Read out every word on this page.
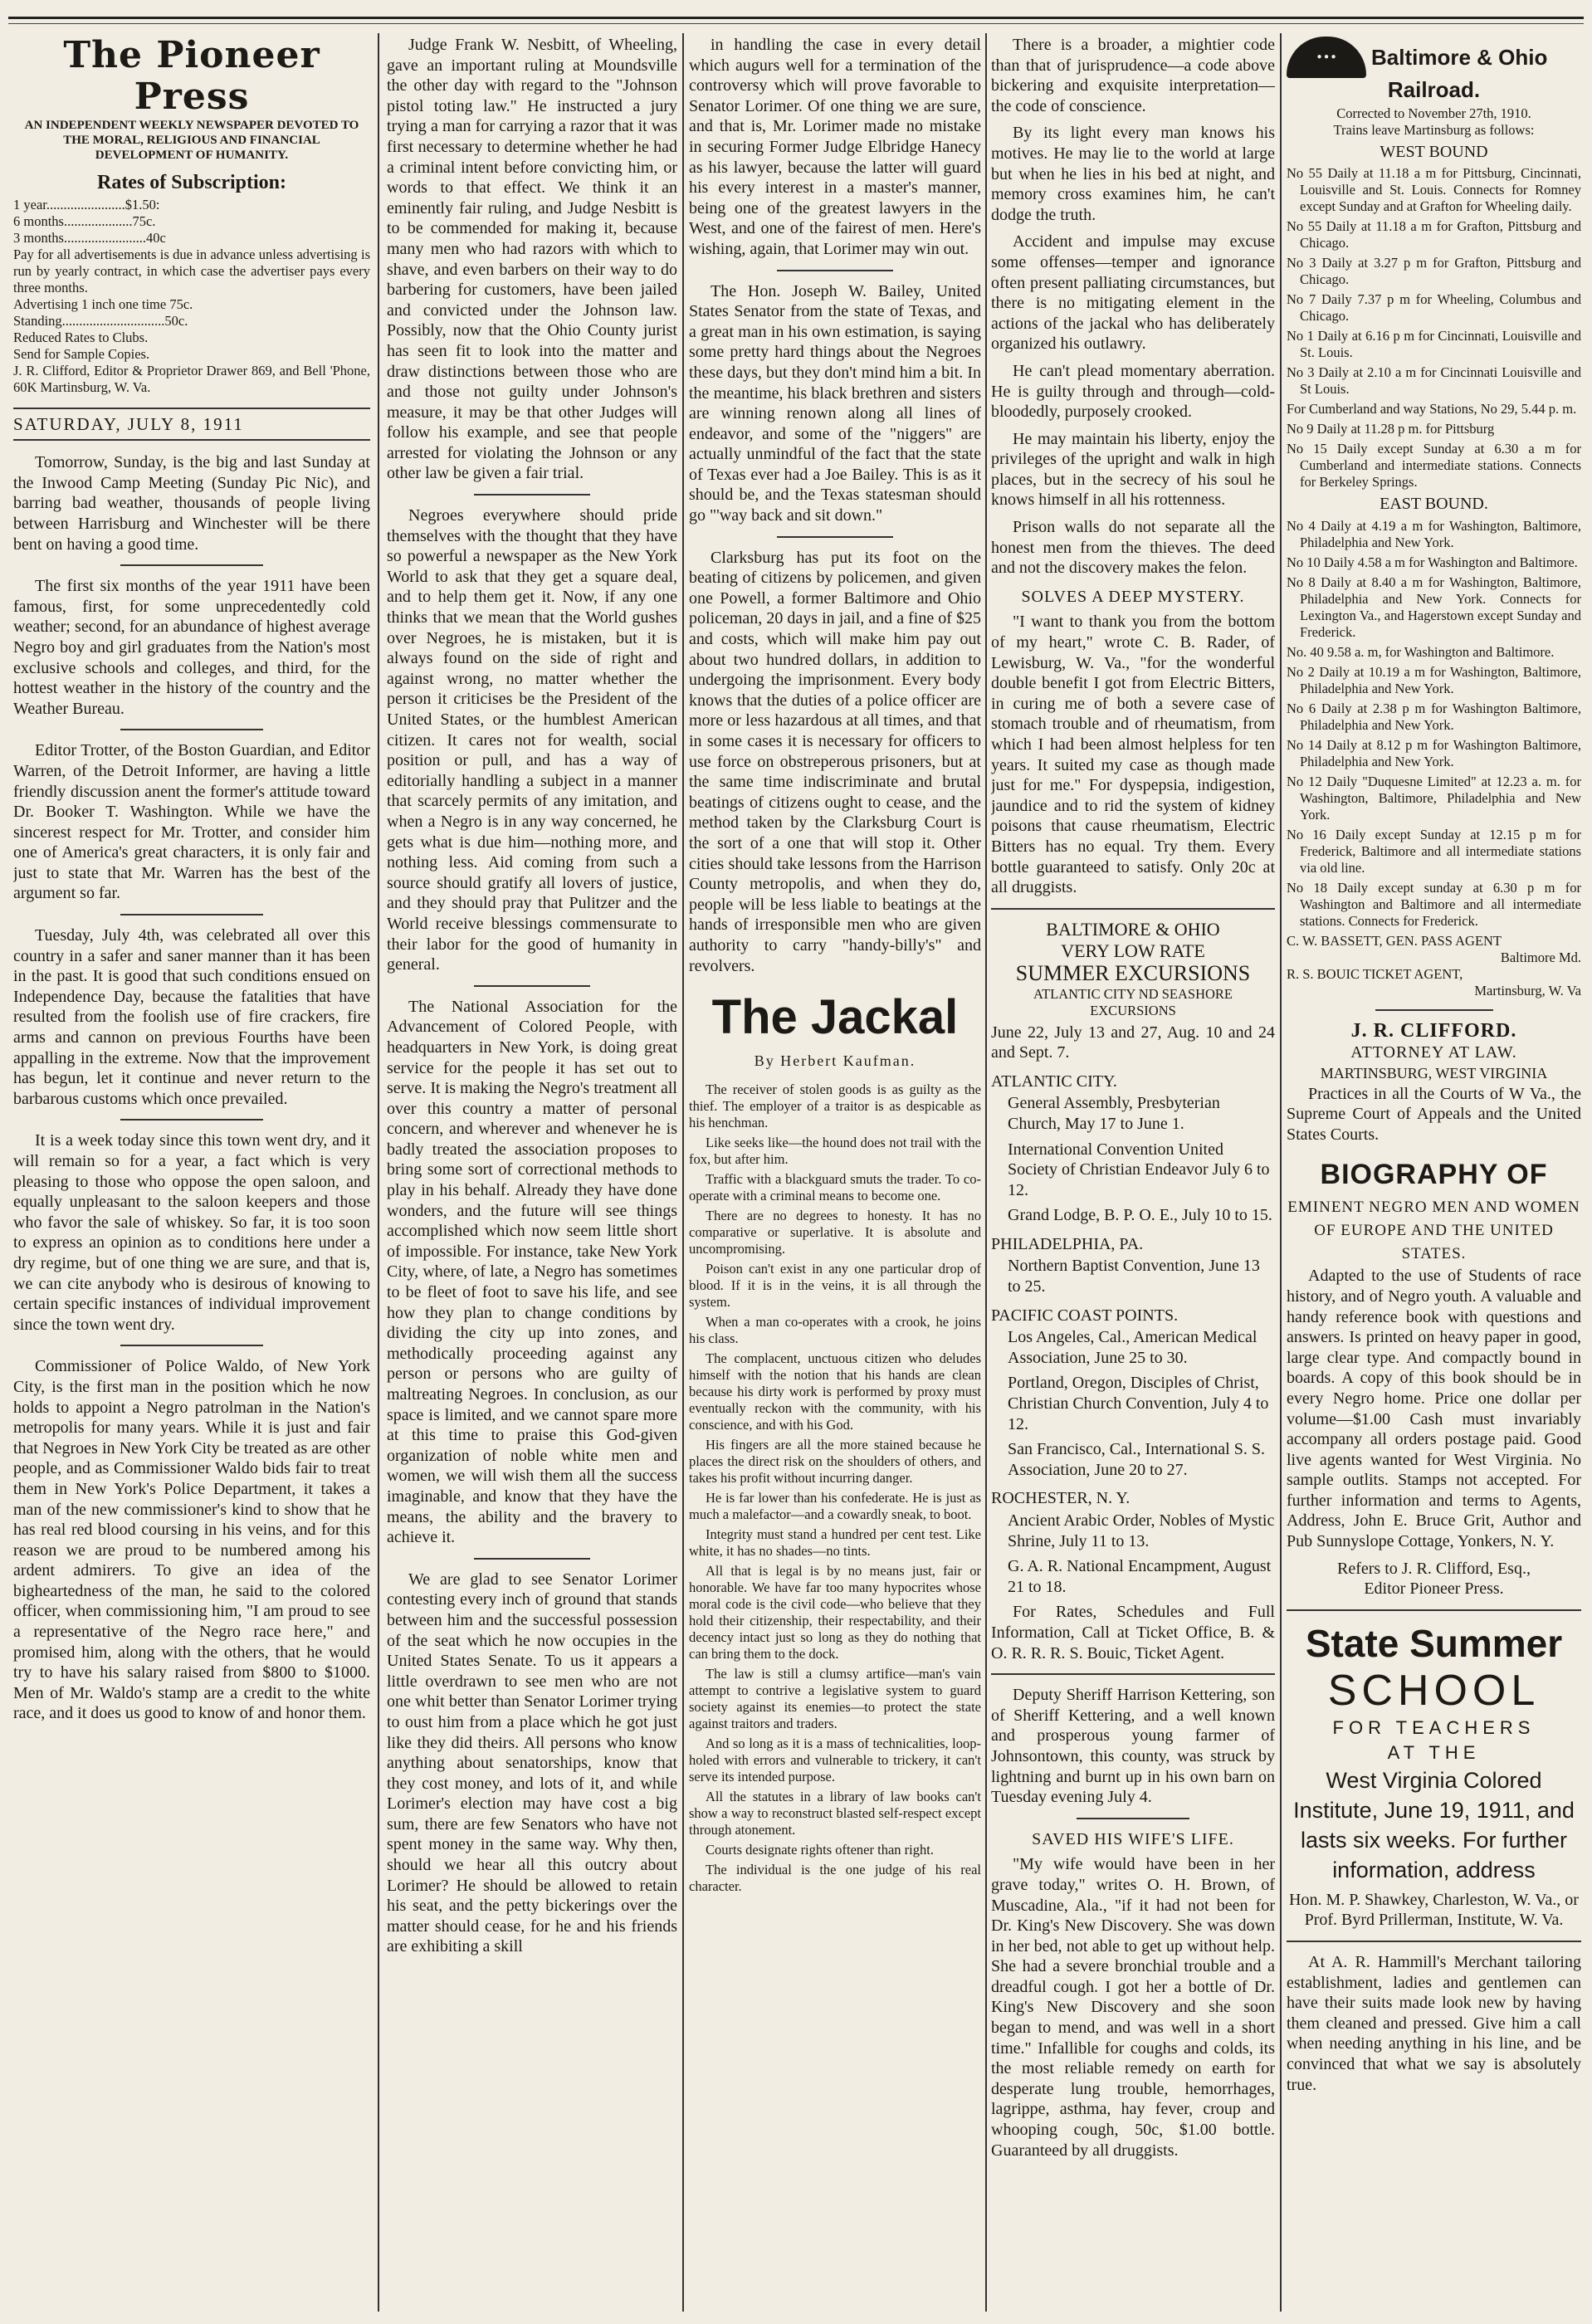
The Pioneer Press
AN INDEPENDENT WEEKLY NEWSPAPER DEVOTED TO THE MORAL, RELIGIOUS AND FINANCIAL DEVELOPMENT OF HUMANITY.
Rates of Subscription:
1 year.......................$1.50:
6 months....................75c.
3 months........................40c
Pay for all advertisements is due in advance unless advertising is run by yearly contract, in which case the advertiser pays every three months.
Advertising 1 inch one time 75c.
Standing..............................50c.
Reduced Rates to Clubs.
Send for Sample Copies.
J. R. Clifford, Editor & Proprietor Drawer 869, and Bell 'Phone, 60K Martinsburg, W. Va.
SATURDAY, JULY 8, 1911

Tomorrow, Sunday, is the big and last Sunday at the Inwood Camp Meeting (Sunday Pic Nic), and barring bad weather, thousands of people living between Harrisburg and Winchester will be there bent on having a good time.

The first six months of the year 1911 have been famous, first, for some unprecedentedly cold weather; second, for an abundance of highest average Negro boy and girl graduates from the Nation's most exclusive schools and colleges, and third, for the hottest weather in the history of the country and the Weather Bureau.

Editor Trotter, of the Boston Guardian, and Editor Warren, of the Detroit Informer, are having a little friendly discussion anent the former's attitude toward Dr. Booker T. Washington. While we have the sincerest respect for Mr. Trotter, and consider him one of America's great characters, it is only fair and just to state that Mr. Warren has the best of the argument so far.

Tuesday, July 4th, was celebrated all over this country in a safer and saner manner than it has been in the past. It is good that such conditions ensued on Independence Day, because the fatalities that have resulted from the foolish use of fire crackers, fire arms and cannon on previous Fourths have been appalling in the extreme. Now that the improvement has begun, let it continue and never return to the barbarous customs which once prevailed.

It is a week today since this town went dry, and it will remain so for a year, a fact which is very pleasing to those who oppose the open saloon, and equally unpleasant to the saloon keepers and those who favor the sale of whiskey. So far, it is too soon to express an opinion as to conditions here under a dry regime, but of one thing we are sure, and that is, we can cite anybody who is desirous of knowing to certain specific instances of individual improvement since the town went dry.

Commissioner of Police Waldo, of New York City, is the first man in the position which he now holds to appoint a Negro patrolman in the Nation's metropolis for many years. While it is just and fair that Negroes in New York City be treated as are other people, and as Commissioner Waldo bids fair to treat them in New York's Police Department, it takes a man of the new commissioner's kind to show that he has real red blood coursing in his veins, and for this reason we are proud to be numbered among his ardent admirers. To give an idea of the bigheartedness of the man, he said to the colored officer, when commissioning him, "I am proud to see a representative of the Negro race here," and promised him, along with the others, that he would try to have his salary raised from $800 to $1000. Men of Mr. Waldo's stamp are a credit to the white race, and it does us good to know of and honor them.

Judge Frank W. Nesbitt, of Wheeling, gave an important ruling at Moundsville the other day with regard to the "Johnson pistol toting law." He instructed a jury trying a man for carrying a razor that it was first necessary to determine whether he had a criminal intent before convicting him, or words to that effect. We think it an eminently fair ruling, and Judge Nesbitt is to be commended for making it, because many men who had razors with which to shave, and even barbers on their way to do barbering for customers, have been jailed and convicted under the Johnson law. Possibly, now that the Ohio County jurist has seen fit to look into the matter and draw distinctions between those who are and those not guilty under Johnson's measure, it may be that other Judges will follow his example, and see that people arrested for violating the Johnson or any other law be given a fair trial.

Negroes everywhere should pride themselves with the thought that they have so powerful a newspaper as the New York World to ask that they get a square deal, and to help them get it. Now, if any one thinks that we mean that the World gushes over Negroes, he is mistaken, but it is always found on the side of right and against wrong, no matter whether the person it criticises be the President of the United States, or the humblest American citizen. It cares not for wealth, social position or pull, and has a way of editorially handling a subject in a manner that scarcely permits of any imitation, and when a Negro is in any way concerned, he gets what is due him—nothing more, and nothing less. Aid coming from such a source should gratify all lovers of justice, and they should pray that Pulitzer and the World receive blessings commensurate to their labor for the good of humanity in general.

The National Association for the Advancement of Colored People, with headquarters in New York, is doing great service for the people it has set out to serve. It is making the Negro's treatment all over this country a matter of personal concern, and wherever and whenever he is badly treated the association proposes to bring some sort of correctional methods to play in his behalf. Already they have done wonders, and the future will see things accomplished which now seem little short of impossible. For instance, take New York City, where, of late, a Negro has sometimes to be fleet of foot to save his life, and see how they plan to change conditions by dividing the city up into zones, and methodically proceeding against any person or persons who are guilty of maltreating Negroes. In conclusion, as our space is limited, and we cannot spare more at this time to praise this God-given organization of noble white men and women, we will wish them all the success imaginable, and know that they have the means, the ability and the bravery to achieve it.

We are glad to see Senator Lorimer contesting every inch of ground that stands between him and the successful possession of the seat which he now occupies in the United States Senate. To us it appears a little overdrawn to see men who are not one whit better than Senator Lorimer trying to oust him from a place which he got just like they did theirs. All persons who know anything about senatorships, know that they cost money, and lots of it, and while Lorimer's election may have cost a big sum, there are few Senators who have not spent money in the same way. Why then, should we hear all this outcry about Lorimer? He should be allowed to retain his seat, and the petty bickerings over the matter should cease, for he and his friends are exhibiting a skill

in handling the case in every detail which augurs well for a termination of the controversy which will prove favorable to Senator Lorimer. Of one thing we are sure, and that is, Mr. Lorimer made no mistake in securing Former Judge Elbridge Hanecy as his lawyer, because the latter will guard his every interest in a master's manner, being one of the greatest lawyers in the West, and one of the fairest of men. Here's wishing, again, that Lorimer may win out.

The Hon. Joseph W. Bailey, United States Senator from the state of Texas, and a great man in his own estimation, is saying some pretty hard things about the Negroes these days, but they don't mind him a bit. In the meantime, his black brethren and sisters are winning renown along all lines of endeavor, and some of the "niggers" are actually unmindful of the fact that the state of Texas ever had a Joe Bailey. This is as it should be, and the Texas statesman should go "'way back and sit down."

Clarksburg has put its foot on the beating of citizens by policemen, and given one Powell, a former Baltimore and Ohio policeman, 20 days in jail, and a fine of $25 and costs, which will make him pay out about two hundred dollars, in addition to undergoing the imprisonment. Every body knows that the duties of a police officer are more or less hazardous at all times, and that in some cases it is necessary for officers to use force on obstreperous prisoners, but at the same time indiscriminate and brutal beatings of citizens ought to cease, and the method taken by the Clarksburg Court is the sort of a one that will stop it. Other cities should take lessons from the Harrison County metropolis, and when they do, people will be less liable to beatings at the hands of irresponsible men who are given authority to carry "handy-billy's" and revolvers.

The Jackal
By Herbert Kaufman.

The receiver of stolen goods is as guilty as the thief. The employer of a traitor is as despicable as his henchman.

Like seeks like—the hound does not trail with the fox, but after him.

Traffic with a blackguard smuts the trader. To co-operate with a criminal means to become one.

There are no degrees to honesty. It has no comparative or superlative. It is absolute and uncompromising.

Poison can't exist in any one particular drop of blood. If it is in the veins, it is all through the system.

When a man co-operates with a crook, he joins his class.

The complacent, unctuous citizen who deludes himself with the notion that his hands are clean because his dirty work is performed by proxy must eventually reckon with the community, with his conscience, and with his God.

His fingers are all the more stained because he places the direct risk on the shoulders of others, and takes his profit without incurring danger.

He is far lower than his confederate. He is just as much a malefactor—and a cowardly sneak, to boot.

Integrity must stand a hundred per cent test. Like white, it has no shades—no tints.

All that is legal is by no means just, fair or honorable. We have far too many hypocrites whose moral code is the civil code—who believe that they hold their citizenship, their respectability, and their decency intact just so long as they do nothing that can bring them to the dock.

The law is still a clumsy artifice—man's vain attempt to contrive a legislative system to guard society against its enemies—to protect the state against traitors and traders.

And so long as it is a mass of technicalities, loop-holed with errors and vulnerable to trickery, it can't serve its intended purpose.

All the statutes in a library of law books can't show a way to reconstruct blasted self-respect except through atonement.

Courts designate rights oftener than right.

The individual is the one judge of his real character.

There is a broader, a mightier code than that of jurisprudence—a code above bickering and exquisite interpretation—the code of conscience.

By its light every man knows his motives. He may lie to the world at large but when he lies in his bed at night, and memory cross examines him, he can't dodge the truth.

Accident and impulse may excuse some offenses—temper and ignorance often present palliating circumstances, but there is no mitigating element in the actions of the jackal who has deliberately organized his outlawry.

He can't plead momentary aberration. He is guilty through and through—cold-bloodedly, purposely crooked.

He may maintain his liberty, enjoy the privileges of the upright and walk in high places, but in the secrecy of his soul he knows himself in all his rottenness.

Prison walls do not separate all the honest men from the thieves. The deed and not the discovery makes the felon.

SOLVES A DEEP MYSTERY.

"I want to thank you from the bottom of my heart," wrote C. B. Rader, of Lewisburg, W. Va., "for the wonderful double benefit I got from Electric Bitters, in curing me of both a severe case of stomach trouble and of rheumatism, from which I had been almost helpless for ten years. It suited my case as though made just for me." For dyspepsia, indigestion, jaundice and to rid the system of kidney poisons that cause rheumatism, Electric Bitters has no equal. Try them. Every bottle guaranteed to satisfy. Only 20c at all druggists.

BALTIMORE & OHIO
VERY LOW RATE
SUMMER EXCURSIONS
ATLANTIC CITY ND SEASHORE
EXCURSIONS
June 22, July 13 and 27, Aug. 10 and 24 and Sept. 7.
ATLANTIC CITY.
General Assembly, Presbyterian Church, May 17 to June 1.
International Convention United Society of Christian Endeavor July 6 to 12.
Grand Lodge, B. P. O. E., July 10 to 15.
PHILADELPHIA, PA.
Northern Baptist Convention, June 13 to 25.
PACIFIC COAST POINTS.
Los Angeles, Cal., American Medical Association, June 25 to 30.
Portland, Oregon, Disciples of Christ, Christian Church Convention, July 4 to 12.
San Francisco, Cal., International S. S. Association, June 20 to 27.
ROCHESTER, N. Y.
Ancient Arabic Order, Nobles of Mystic Shrine, July 11 to 13.
G. A. R. National Encampment, August 21 to 18.

For Rates, Schedules and Full Information, Call at Ticket Office, B. & O. R. R. R. S. Bouic, Ticket Agent.

Deputy Sheriff Harrison Kettering, son of Sheriff Kettering, and a well known and prosperous young farmer of Johnsontown, this county, was struck by lightning and burnt up in his own barn on Tuesday evening July 4.

SAVED HIS WIFE'S LIFE.

"My wife would have been in her grave today," writes O. H. Brown, of Muscadine, Ala., "if it had not been for Dr. King's New Discovery. She was down in her bed, not able to get up without help. She had a severe bronchial trouble and a dreadful cough. I got her a bottle of Dr. King's New Discovery and she soon began to mend, and was well in a short time." Infallible for coughs and colds, its the most reliable remedy on earth for desperate lung trouble, hemorrhages, lagrippe, asthma, hay fever, croup and whooping cough, 50c, $1.00 bottle. Guaranteed by all druggists.

● ● ●	Baltimore & Ohio
Railroad.
Corrected to November 27th, 1910.
Trains leave Martinsburg as follows:
WEST BOUND

No 55 Daily at 11.18 a m for Pittsburg, Cincinnati, Louisville and St. Louis. Connects for Romney except Sunday and at Grafton for Wheeling daily.

No 55 Daily at 11.18 a m for Grafton, Pittsburg and Chicago.

No 3 Daily at 3.27 p m for Grafton, Pittsburg and Chicago.

No 7 Daily 7.37 p m for Wheeling, Columbus and Chicago.

No 1 Daily at 6.16 p m for Cincinnati, Louisville and St. Louis.

No 3 Daily at 2.10 a m for Cincinnati Louisville and St Louis.

For Cumberland and way Stations, No 29, 5.44 p. m.

No 9 Daily at 11.28 p m. for Pittsburg

No 15 Daily except Sunday at 6.30 a m for Cumberland and intermediate stations. Connects for Berkeley Springs.

EAST BOUND.

No 4 Daily at 4.19 a m for Washington, Baltimore, Philadelphia and New York.

No 10 Daily 4.58 a m for Washington and Baltimore.

No 8 Daily at 8.40 a m for Washington, Baltimore, Philadelphia and New York. Connects for Lexington Va., and Hagerstown except Sunday and Frederick.

No. 40 9.58 a. m, for Washington and Baltimore.

No 2 Daily at 10.19 a m for Washington, Baltimore, Philadelphia and New York.

No 6 Daily at 2.38 p m for Washington Baltimore, Philadelphia and New York.

No 14 Daily at 8.12 p m for Washington Baltimore, Philadelphia and New York.

No 12 Daily "Duquesne Limited" at 12.23 a. m. for Washington, Baltimore, Philadelphia and New York.

No 16 Daily except Sunday at 12.15 p m for Frederick, Baltimore and all intermediate stations via old line.

No 18 Daily except sunday at 6.30 p m for Washington and Baltimore and all intermediate stations. Connects for Frederick.

C. W. BASSETT, GEN. PASS AGENT
Baltimore Md.
R. S. BOUIC TICKET AGENT,
Martinsburg, W. Va
J. R. CLIFFORD.
ATTORNEY AT LAW.
MARTINSBURG, WEST VIRGINIA

Practices in all the Courts of W Va., the Supreme Court of Appeals and the United States Courts.

BIOGRAPHY OF
EMINENT NEGRO MEN AND WOMEN OF EUROPE AND THE UNITED STATES.

Adapted to the use of Students of race history, and of Negro youth. A valuable and handy reference book with questions and answers. Is printed on heavy paper in good, large clear type. And compactly bound in boards. A copy of this book should be in every Negro home. Price one dollar per volume—$1.00 Cash must invariably accompany all orders postage paid. Good live agents wanted for West Virginia. No sample outlits. Stamps not accepted. For further information and terms to Agents, Address, John E. Bruce Grit, Author and Pub Sunnyslope Cottage, Yonkers, N. Y.

Refers to J. R. Clifford, Esq.,
Editor Pioneer Press.
State Summer
SCHOOL
FOR TEACHERS
AT THE
West Virginia Colored Institute, June 19, 1911, and lasts six weeks. For further information, address

Hon. M. P. Shawkey, Charleston, W. Va., or Prof. Byrd Prillerman, Institute, W. Va.

At A. R. Hammill's Merchant tailoring establishment, ladies and gentlemen can have their suits made look new by having them cleaned and pressed. Give him a call when needing anything in his line, and be convinced that what we say is absolutely true.
